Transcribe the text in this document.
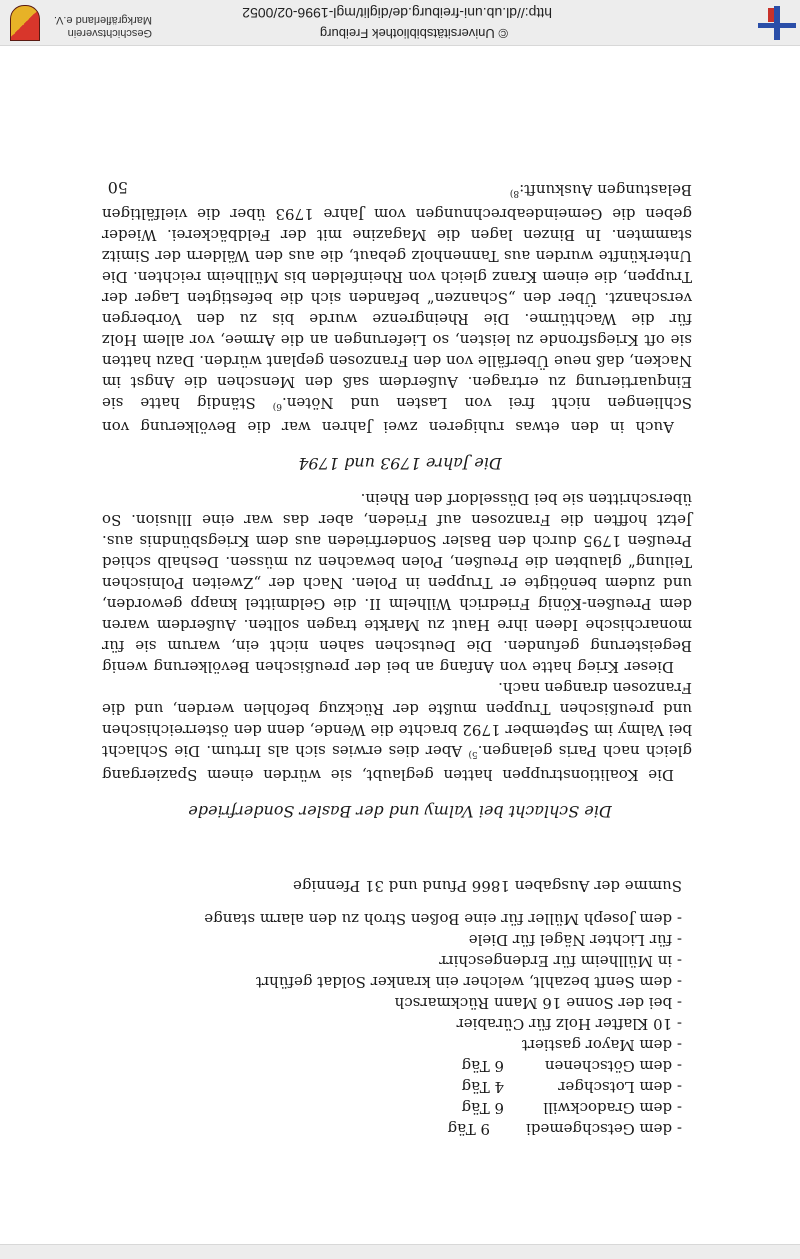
- dem Getschgemedi
9 Täg
- dem Gradockwill
6 Täg
- dem Lotschger
4 Täg
- dem Götschenen
6 Täg
- dem Mayor gastiert
- 10 Klafter Holz für Cürabier
- bei der Sonne 16 Mann Rückmarsch
- dem Senft bezahlt, welcher ein kranker Soldat geführt
- in Müllheim für Erdengeschirr
- für Lichter Nägel für Diele
- dem Joseph Müller für eine Boßen Stroh zu den alarm stange
Summe der Ausgaben 1866 Pfund und 31 Pfennige
Die Schlacht bei Valmy und der Basler Sonderfriede

Die Koalitionstruppen hatten geglaubt, sie würden einem Spaziergang gleich nach Paris gelangen.$^{5)}$ Aber dies erwies sich als Irrtum. Die Schlacht bei Valmy im September 1792 brachte die Wende, denn den österreichischen und preußischen Truppen mußte der Rückzug befohlen werden, und die Franzosen drangen nach.

Dieser Krieg hatte von Anfang an bei der preußischen Bevölkerung wenig Begeisterung gefunden. Die Deutschen sahen nicht ein, warum sie für monarchische Ideen ihre Haut zu Markte tragen sollten. Außerdem waren dem Preußen-König Friedrich Wilhelm II. die Geldmittel knapp geworden, und zudem benötigte er Truppen in Polen. Nach der „Zweiten Polnischen Teilung“ glaubten die Preußen, Polen bewachen zu müssen. Deshalb schied Preußen 1795 durch den Basler Sonderfrieden aus dem Kriegsbündnis aus. Jetzt hofften die Franzosen auf Frieden, aber das war eine Illusion. So überschritten sie bei Düsseldorf den Rhein.

Die Jahre 1793 und 1794

Auch in den etwas ruhigeren zwei Jahren war die Bevölkerung von Schliengen nicht frei von Lasten und Nöten.$^{6)}$ Ständig hatte sie Einquartierung zu ertragen. Außerdem saß den Menschen die Angst im Nacken, daß neue Überfälle von den Franzosen geplant würden. Dazu hatten sie oft Kriegsfronde zu leisten, so Lieferungen an die Armee, vor allem Holz für die Wachtürme. Die Rheingrenze wurde bis zu den Vorbergen verschanzt. Über den „Schanzen“ befanden sich die befestigten Lager der Truppen, die einem Kranz gleich von Rheinfelden bis Müllheim reichten. Die Unterkünfte wurden aus Tannenholz gebaut, die aus den Wäldern der Simitz stammten. In Binzen lagen die Magazine mit der Feldbäckerei. Wieder geben die Gemeindeabrechnungen vom Jahre 1793 über die vielfältigen Belastungen Auskunft:$^{8)}$

50
http://dl.ub.uni-freiburg.de/diglit/mgl-1996-02/0052
© Universitätsbibliothek Freiburg
Geschichtsverein
Markgräflerland e.V.
